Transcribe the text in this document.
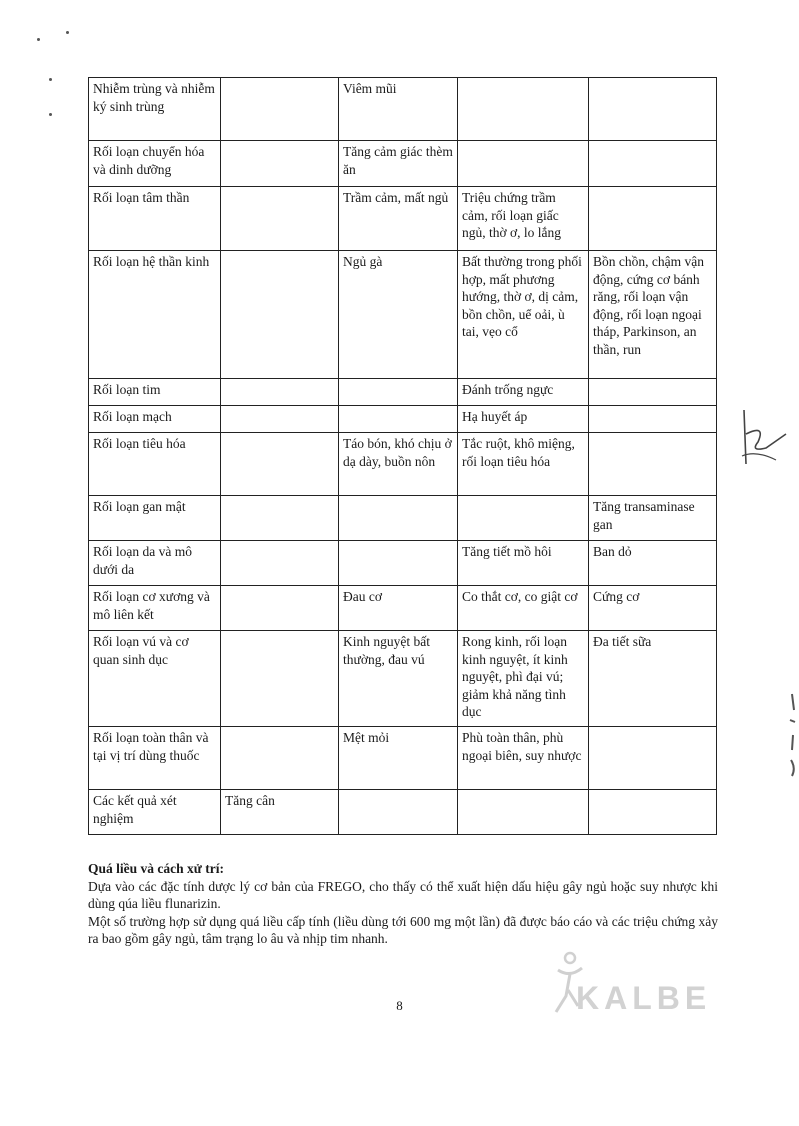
Nhiễm trùng và nhiễm ký sinh trùng		Viêm mũi		
Rối loạn chuyển hóa và dinh dưỡng		Tăng cảm giác thèm ăn		
Rối loạn tâm thần		Trầm cảm, mất ngủ	Triệu chứng trầm cảm, rối loạn giấc ngủ, thờ ơ, lo lắng	
Rối loạn hệ thần kinh		Ngủ gà	Bất thường trong phối hợp, mất phương hướng, thờ ơ, dị cảm, bồn chồn, uể oải, ù tai, vẹo cổ	Bồn chồn, chậm vận động, cứng cơ bánh răng, rối loạn vận động, rối loạn ngoại tháp, Parkinson, an thần, run
Rối loạn tim			Đánh trống ngực	
Rối loạn mạch			Hạ huyết áp	
Rối loạn tiêu hóa		Táo bón, khó chịu ở dạ dày, buồn nôn	Tắc ruột, khô miệng, rối loạn tiêu hóa	
Rối loạn gan mật				Tăng transaminase gan
Rối loạn da và mô dưới da			Tăng tiết mồ hôi	Ban dỏ
Rối loạn cơ xương và mô liên kết		Đau cơ	Co thắt cơ, co giật cơ	Cứng cơ
Rối loạn vú và cơ quan sinh dục		Kinh nguyệt bất thường, đau vú	Rong kinh, rối loạn kinh nguyệt, ít kinh nguyệt, phì đại vú; giảm khả năng tình dục	Đa tiết sữa
Rối loạn toàn thân và tại vị trí dùng thuốc		Mệt mỏi	Phù toàn thân, phù ngoại biên, suy nhược	
Các kết quả xét nghiệm	Tăng cân			
Quá liều và cách xử trí:

Dựa vào các đặc tính dược lý cơ bản của FREGO, cho thấy có thể xuất hiện dấu hiệu gây ngủ hoặc suy nhược khi dùng qúa liều flunarizin.

Một số trường hợp sử dụng quá liều cấp tính (liều dùng tới 600 mg một lần) đã được báo cáo và các triệu chứng xảy ra bao gồm gây ngủ, tâm trạng lo âu và nhịp tim nhanh.

8	KALBE
